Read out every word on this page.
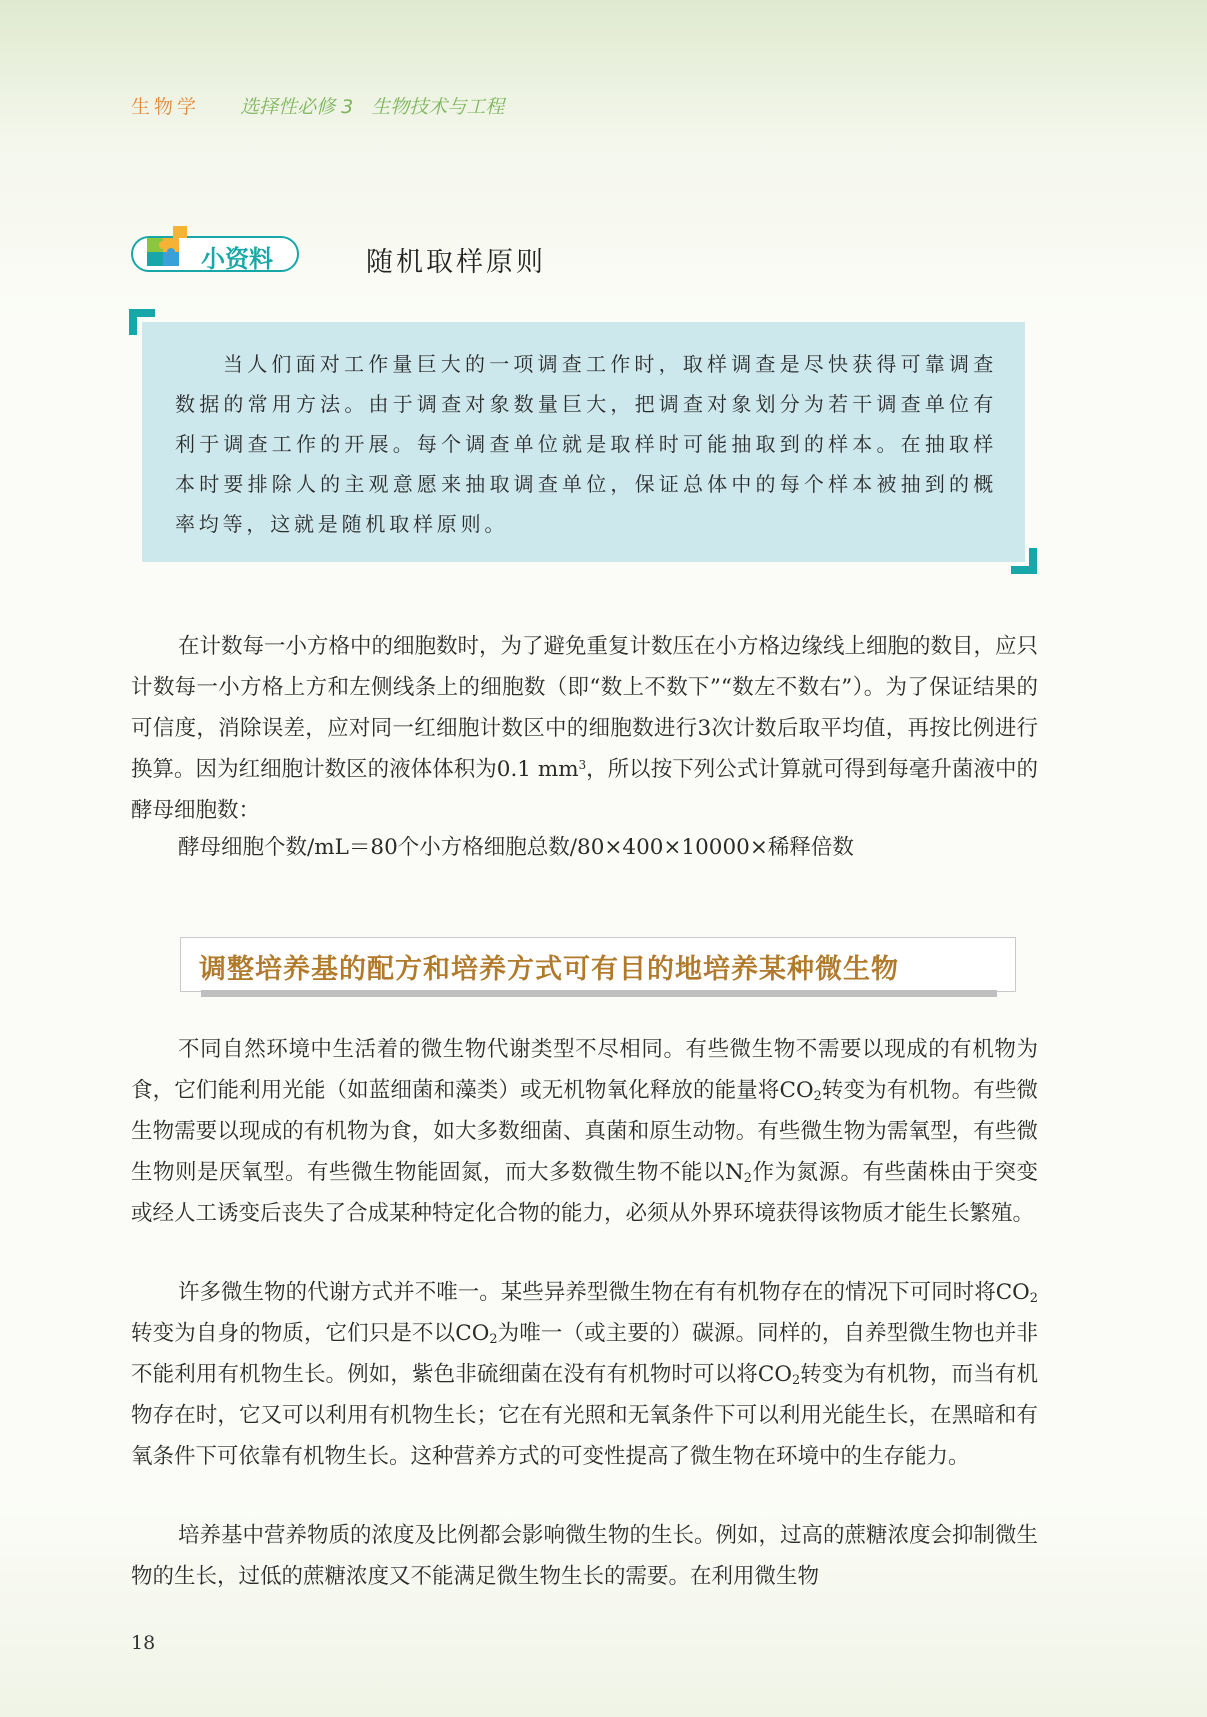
生物学 选择性必修 3 生物技术与工程
小资料	随机取样原则

当人们面对工作量巨大的一项调查工作时，取样调查是尽快获得可靠调查数据的常用方法。由于调查对象数量巨大，把调查对象划分为若干调查单位有利于调查工作的开展。每个调查单位就是取样时可能抽取到的样本。在抽取样本时要排除人的主观意愿来抽取调查单位，保证总体中的每个样本被抽到的概率均等，这就是随机取样原则。

在计数每一小方格中的细胞数时，为了避免重复计数压在小方格边缘线上细胞的数目，应只计数每一小方格上方和左侧线条上的细胞数（即“数上不数下”“数左不数右”）。为了保证结果的可信度，消除误差，应对同一红细胞计数区中的细胞数进行3次计数后取平均值，再按比例进行换算。因为红细胞计数区的液体体积为0.1 $mm^3$，所以按下列公式计算就可得到每毫升菌液中的酵母细胞数：

酵母细胞个数/mL＝80个小方格细胞总数/80×400×10000×稀释倍数

调整培养基的配方和培养方式可有目的地培养某种微生物

不同自然环境中生活着的微生物代谢类型不尽相同。有些微生物不需要以现成的有机物为食，它们能利用光能（如蓝细菌和藻类）或无机物氧化释放的能量将$CO_2$转变为有机物。有些微生物需要以现成的有机物为食，如大多数细菌、真菌和原生动物。有些微生物为需氧型，有些微生物则是厌氧型。有些微生物能固氮，而大多数微生物不能以$N_2$作为氮源。有些菌株由于突变或经人工诱变后丧失了合成某种特定化合物的能力，必须从外界环境获得该物质才能生长繁殖。

许多微生物的代谢方式并不唯一。某些异养型微生物在有有机物存在的情况下可同时将$CO_2$转变为自身的物质，它们只是不以$CO_2$为唯一（或主要的）碳源。同样的，自养型微生物也并非不能利用有机物生长。例如，紫色非硫细菌在没有有机物时可以将$CO_2$转变为有机物，而当有机物存在时，它又可以利用有机物生长；它在有光照和无氧条件下可以利用光能生长，在黑暗和有氧条件下可依靠有机物生长。这种营养方式的可变性提高了微生物在环境中的生存能力。

培养基中营养物质的浓度及比例都会影响微生物的生长。例如，过高的蔗糖浓度会抑制微生物的生长，过低的蔗糖浓度又不能满足微生物生长的需要。在利用微生物

18
